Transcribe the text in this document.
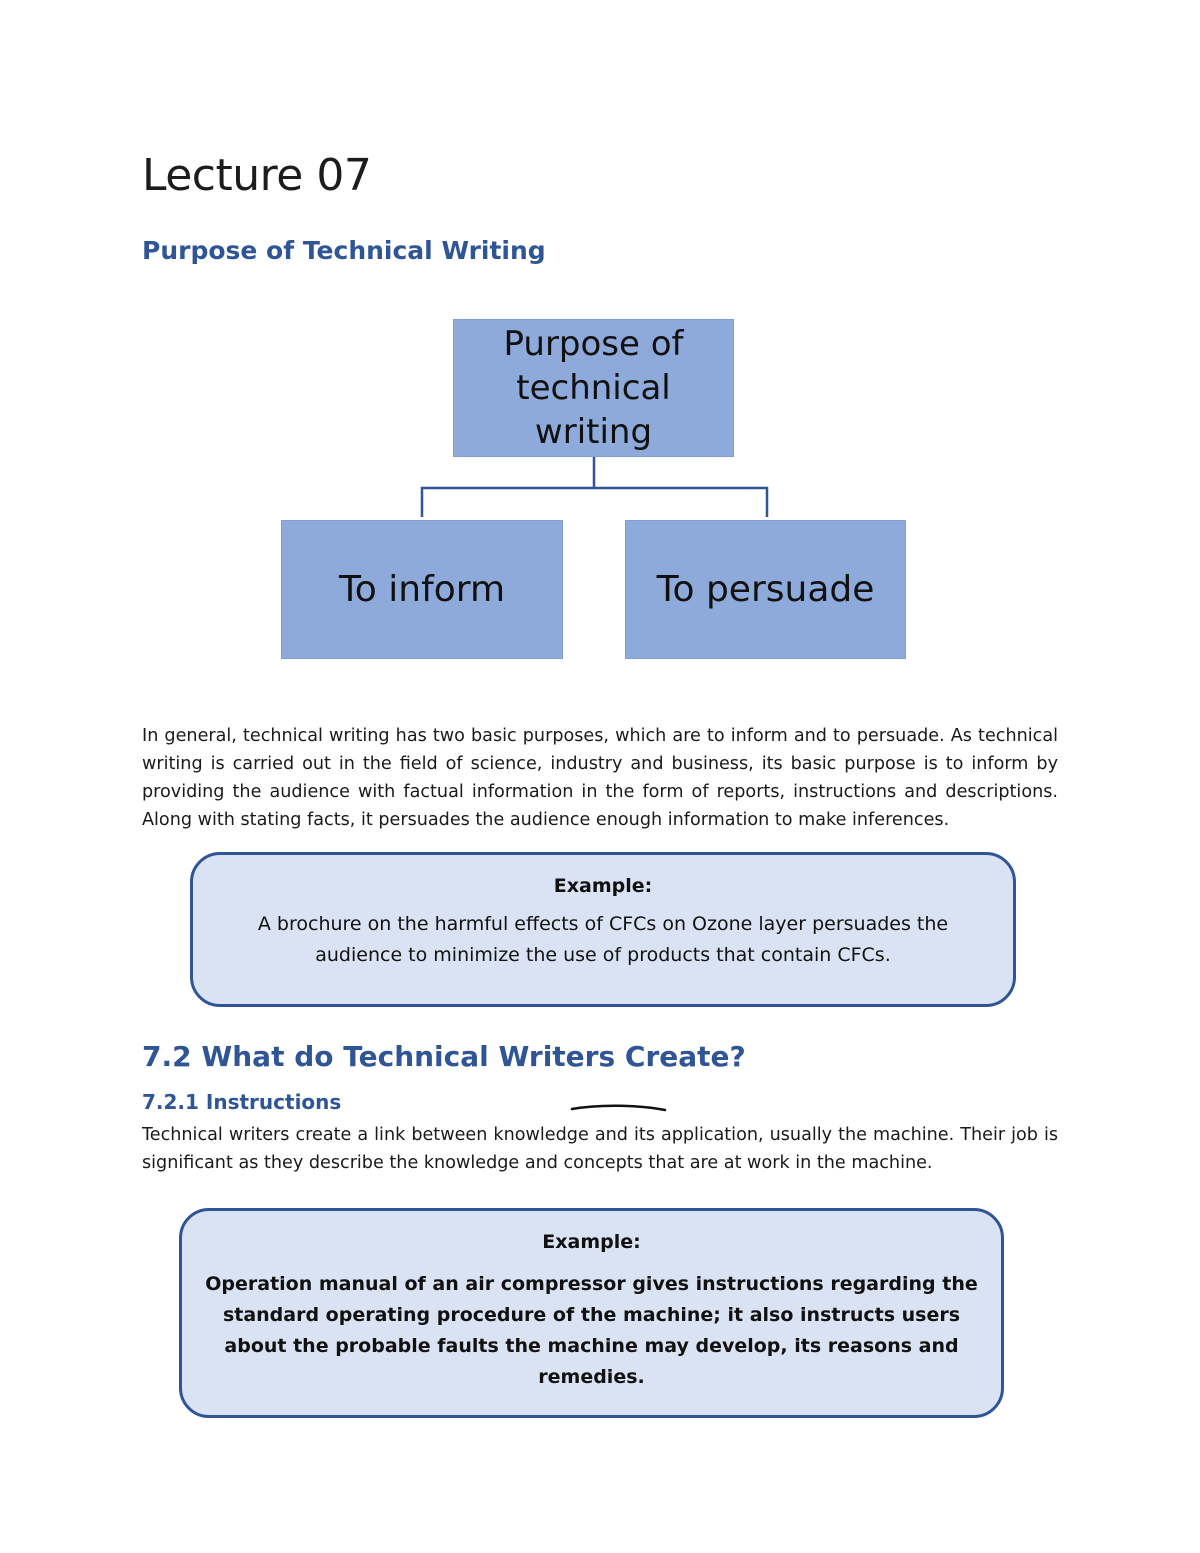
Lecture 07
Purpose of Technical Writing
Purpose of technical writing
To inform	To persuade

In general, technical writing has two basic purposes, which are to inform and to persuade. As technical writing is carried out in the field of science, industry and business, its basic purpose is to inform by providing the audience with factual information in the form of reports, instructions and descriptions. Along with stating facts, it persuades the audience enough information to make inferences.

Example:
A brochure on the harmful effects of CFCs on Ozone layer persuades the audience to minimize the use of products that contain CFCs.
7.2 What do Technical Writers Create?
7.2.1 Instructions

Technical writers create a link between knowledge and its application, usually the machine. Their job is significant as they describe the knowledge and concepts that are at work in the machine.

Example:
Operation manual of an air compressor gives instructions regarding the standard operating procedure of the machine; it also instructs users about the probable faults the machine may develop, its reasons and remedies.
